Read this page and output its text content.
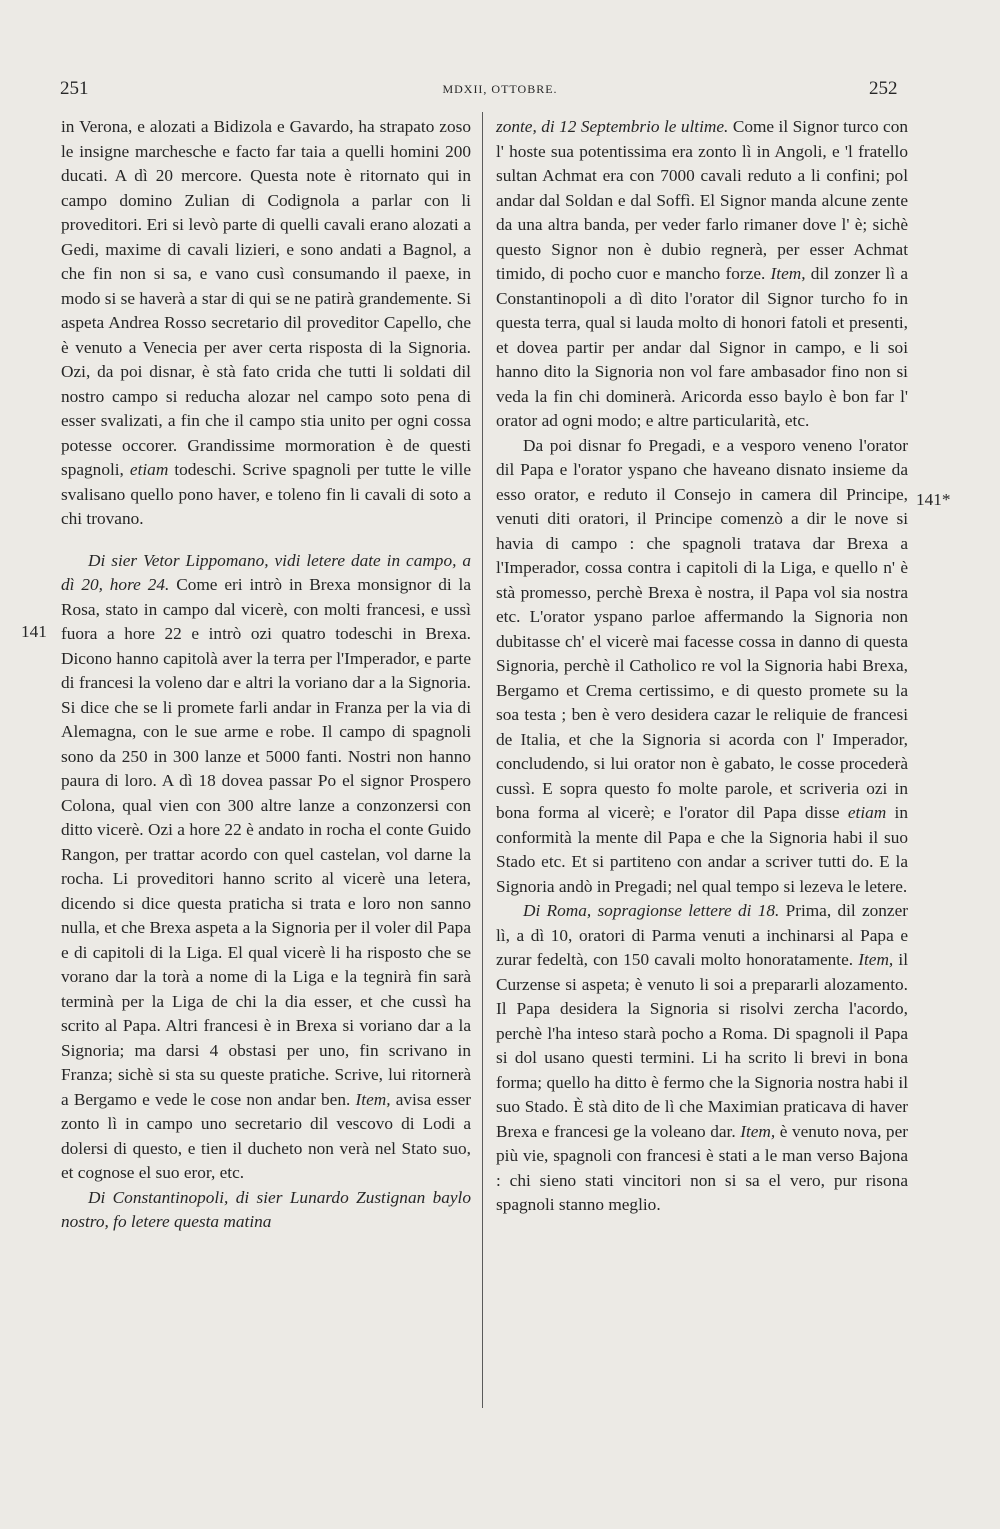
251	MDXII, OTTOBRE.	252
141
141*

in Verona, e alozati a Bidizola e Gavardo, ha strapato zoso le insigne marchesche e facto far taia a quelli homini 200 ducati. A dì 20 mercore. Questa note è ritornato qui in campo domino Zulian di Codignola a parlar con li proveditori. Eri si levò parte di quelli cavali erano alozati a Gedi, maxime di cavali lizieri, e sono andati a Bagnol, a che fin non si sa, e vano cusì consumando il paexe, in modo si se haverà a star di qui se ne patirà grandemente. Si aspeta Andrea Rosso secretario dil proveditor Capello, che è venuto a Venecia per aver certa risposta di la Signoria. Ozi, da poi disnar, è stà fato crida che tutti li soldati dil nostro campo si reducha alozar nel campo soto pena di esser svalizati, a fin che il campo stia unito per ogni cossa potesse occorer. Grandissime mormoration è de questi spagnoli, etiam todeschi. Scrive spagnoli per tutte le ville svalisano quello pono haver, e toleno fin li cavali di soto a chi trovano.

Di sier Vetor Lippomano, vidi letere date in campo, a dì 20, hore 24. Come eri intrò in Brexa monsignor di la Rosa, stato in campo dal vicerè, con molti francesi, e ussì fuora a hore 22 e intrò ozi quatro todeschi in Brexa. Dicono hanno capitolà aver la terra per l'Imperador, e parte di francesi la voleno dar e altri la voriano dar a la Signoria. Si dice che se li promete farli andar in Franza per la via di Alemagna, con le sue arme e robe. Il campo di spagnoli sono da 250 in 300 lanze et 5000 fanti. Nostri non hanno paura di loro. A dì 18 dovea passar Po el signor Prospero Colona, qual vien con 300 altre lanze a conzonzersi con ditto vicerè. Ozi a hore 22 è andato in rocha el conte Guido Rangon, per trattar acordo con quel castelan, vol darne la rocha. Li proveditori hanno scrito al vicerè una letera, dicendo si dice questa praticha si trata e loro non sanno nulla, et che Brexa aspeta a la Signoria per il voler dil Papa e di capitoli di la Liga. El qual vicerè li ha risposto che se vorano dar la torà a nome di la Liga e la tegnirà fin sarà terminà per la Liga de chi la dia esser, et che cussì ha scrito al Papa. Altri francesi è in Brexa si voriano dar a la Signoria; ma darsi 4 obstasi per uno, fin scrivano in Franza; sichè si sta su queste pratiche. Scrive, lui ritornerà a Bergamo e vede le cose non andar ben. Item, avisa esser zonto lì in campo uno secretario dil vescovo di Lodi a dolersi di questo, e tien il ducheto non verà nel Stato suo, et cognose el suo eror, etc.

Di Constantinopoli, di sier Lunardo Zustignan baylo nostro, fo letere questa matina

zonte, di 12 Septembrio le ultime. Come il Signor turco con l' hoste sua potentissima era zonto lì in Angoli, e 'l fratello sultan Achmat era con 7000 cavali reduto a li confini; pol andar dal Soldan e dal Soffì. El Signor manda alcune zente da una altra banda, per veder farlo rimaner dove l' è; sichè questo Signor non è dubio regnerà, per esser Achmat timido, di pocho cuor e mancho forze. Item, dil zonzer lì a Constantinopoli a dì dito l'orator dil Signor turcho fo in questa terra, qual si lauda molto di honori fatoli et presenti, et dovea partir per andar dal Signor in campo, e li soi hanno dito la Signoria non vol fare ambasador fino non si veda la fin chi dominerà. Aricorda esso baylo è bon far l' orator ad ogni modo; e altre particularità, etc.

Da poi disnar fo Pregadi, e a vesporo veneno l'orator dil Papa e l'orator yspano che haveano disnato insieme da esso orator, e reduto il Consejo in camera dil Principe, venuti diti oratori, il Principe comenzò a dir le nove si havia di campo : che spagnoli tratava dar Brexa a l'Imperador, cossa contra i capitoli di la Liga, e quello n' è stà promesso, perchè Brexa è nostra, il Papa vol sia nostra etc. L'orator yspano parloe affermando la Signoria non dubitasse ch' el vicerè mai facesse cossa in danno di questa Signoria, perchè il Catholico re vol la Signoria habi Brexa, Bergamo et Crema certissimo, e di questo promete su la soa testa ; ben è vero desidera cazar le reliquie de francesi de Italia, et che la Signoria si acorda con l' Imperador, concludendo, si lui orator non è gabato, le cosse procederà cussì. E sopra questo fo molte parole, et scriveria ozi in bona forma al vicerè; e l'orator dil Papa disse etiam in conformità la mente dil Papa e che la Signoria habi il suo Stado etc. Et si partiteno con andar a scriver tutti do. E la Signoria andò in Pregadi; nel qual tempo si lezeva le letere.

Di Roma, sopragionse lettere di 18. Prima, dil zonzer lì, a dì 10, oratori di Parma venuti a inchinarsi al Papa e zurar fedeltà, con 150 cavali molto honoratamente. Item, il Curzense si aspeta; è venuto li soi a prepararli alozamento. Il Papa desidera la Signoria si risolvi zercha l'acordo, perchè l'ha inteso starà pocho a Roma. Di spagnoli il Papa si dol usano questi termini. Li ha scrito li brevi in bona forma; quello ha ditto è fermo che la Signoria nostra habi il suo Stado. È stà dito de lì che Maximian praticava di haver Brexa e francesi ge la voleano dar. Item, è venuto nova, per più vie, spagnoli con francesi è stati a le man verso Bajona : chi sieno stati vincitori non si sa el vero, pur risona spagnoli stanno meglio.
